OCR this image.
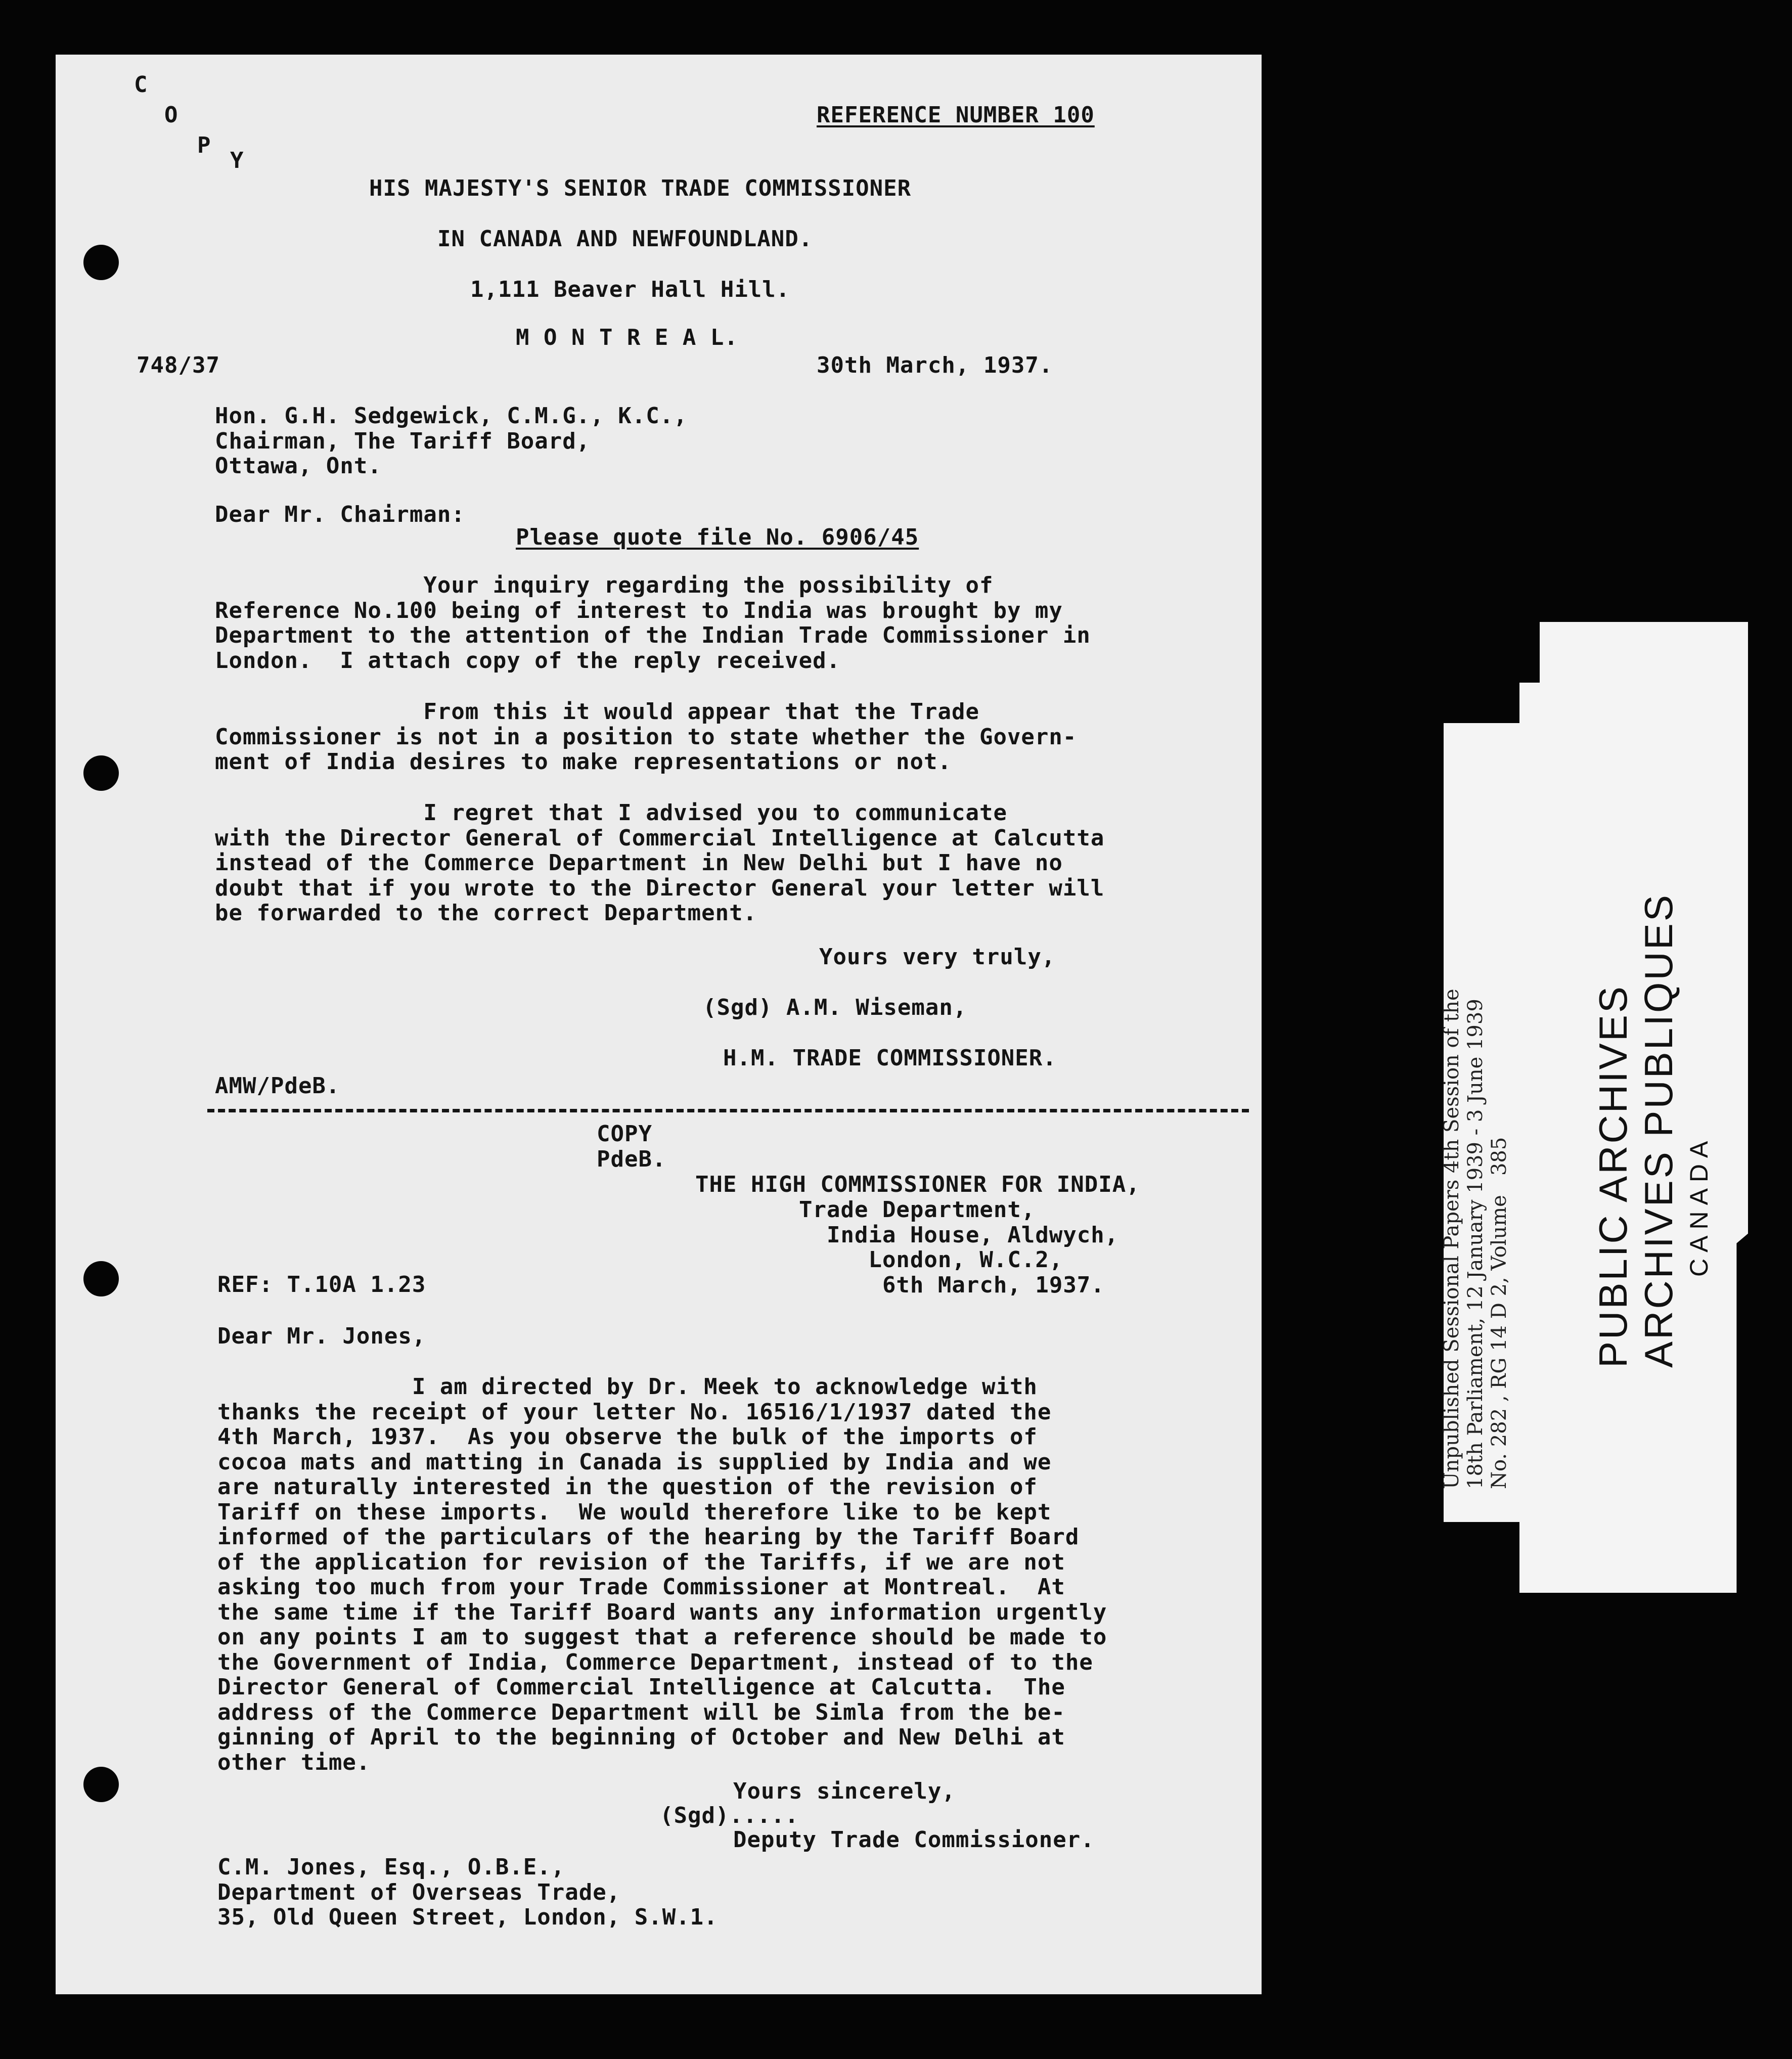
Unpublished Sessional Papers 4th Session of the
18th Parliament, 12 January 1939 - 3 June 1939
No. 282 , RG 14 D 2, Volume   385 PUBLIC ARCHIVES ARCHIVES PUBLIQUES CANADA

C
O
P
Y
REFERENCE NUMBER 100
HIS MAJESTY'S SENIOR TRADE COMMISSIONER
IN CANADA AND NEWFOUNDLAND.
1,111 Beaver Hall Hill.
M O N T R E A L.
748/37	30th March, 1937.
Hon. G.H. Sedgewick, C.M.G., K.C.,
Chairman, The Tariff Board,
Ottawa, Ont.
Dear Mr. Chairman:
Please quote file No. 6906/45
Your inquiry regarding the possibility of
Reference No.100 being of interest to India was brought by my
Department to the attention of the Indian Trade Commissioner in
London.  I attach copy of the reply received.
From this it would appear that the Trade
Commissioner is not in a position to state whether the Govern-
ment of India desires to make representations or not.
I regret that I advised you to communicate
with the Director General of Commercial Intelligence at Calcutta
instead of the Commerce Department in New Delhi but I have no
doubt that if you wrote to the Director General your letter will
be forwarded to the correct Department.
Yours very truly,
(Sgd) A.M. Wiseman,
H.M. TRADE COMMISSIONER.
AMW/PdeB.
COPY
PdeB.
THE HIGH COMMISSIONER FOR INDIA,
Trade Department,
India House, Aldwych,
London, W.C.2,
6th March, 1937.
REF: T.10A 1.23
Dear Mr. Jones,
I am directed by Dr. Meek to acknowledge with
thanks the receipt of your letter No. 16516/1/1937 dated the
4th March, 1937.  As you observe the bulk of the imports of
cocoa mats and matting in Canada is supplied by India and we
are naturally interested in the question of the revision of
Tariff on these imports.  We would therefore like to be kept
informed of the particulars of the hearing by the Tariff Board
of the application for revision of the Tariffs, if we are not
asking too much from your Trade Commissioner at Montreal.  At
the same time if the Tariff Board wants any information urgently
on any points I am to suggest that a reference should be made to
the Government of India, Commerce Department, instead of to the
Director General of Commercial Intelligence at Calcutta.  The
address of the Commerce Department will be Simla from the be-
ginning of April to the beginning of October and New Delhi at
other time.
Yours sincerely,
(Sgd).....
Deputy Trade Commissioner.
C.M. Jones, Esq., O.B.E.,
Department of Overseas Trade,
35, Old Queen Street, London, S.W.1.
